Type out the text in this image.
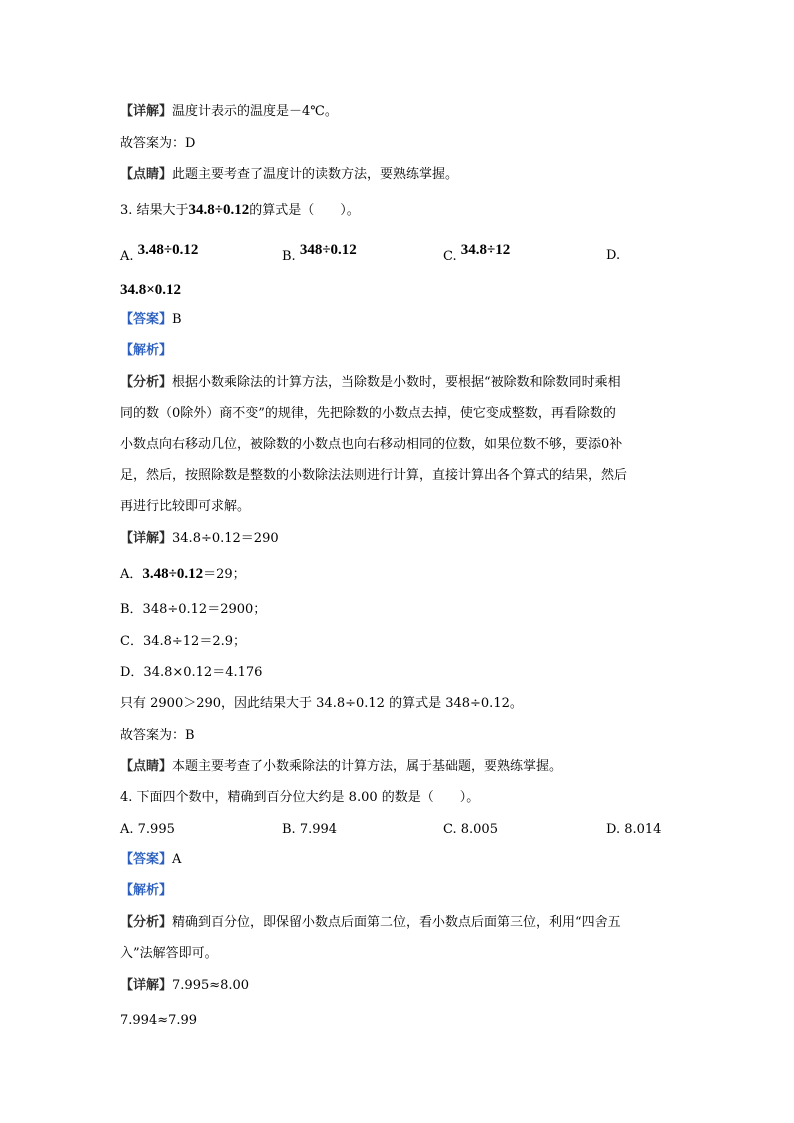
【详解】温度计表示的温度是－4℃。
故答案为：D
【点睛】此题主要考查了温度计的读数方法，要熟练掌握。
3. 结果大于34.8÷0.12的算式是（　　）。
A. 3.48÷0.12	B. 348÷0.12	C. 34.8÷12	D.
34.8×0.12
【答案】B
【解析】
【分析】根据小数乘除法的计算方法，当除数是小数时，要根据“被除数和除数同时乘相
同的数（0除外）商不变”的规律，先把除数的小数点去掉，使它变成整数，再看除数的
小数点向右移动几位，被除数的小数点也向右移动相同的位数，如果位数不够，要添0补
足，然后，按照除数是整数的小数除法法则进行计算，直接计算出各个算式的结果，然后
再进行比较即可求解。
【详解】34.8÷0.12＝290
A．3.48÷0.12＝29；
B．348÷0.12＝2900；
C．34.8÷12＝2.9；
D．34.8×0.12＝4.176
只有 2900＞290，因此结果大于 34.8÷0.12 的算式是 348÷0.12。
故答案为：B
【点睛】本题主要考查了小数乘除法的计算方法，属于基础题，要熟练掌握。
4. 下面四个数中，精确到百分位大约是 8.00 的数是（　　）。
A. 7.995	B. 7.994	C. 8.005	D. 8.014
【答案】A
【解析】
【分析】精确到百分位，即保留小数点后面第二位，看小数点后面第三位，利用“四舍五
入”法解答即可。
【详解】7.995≈8.00
7.994≈7.99
